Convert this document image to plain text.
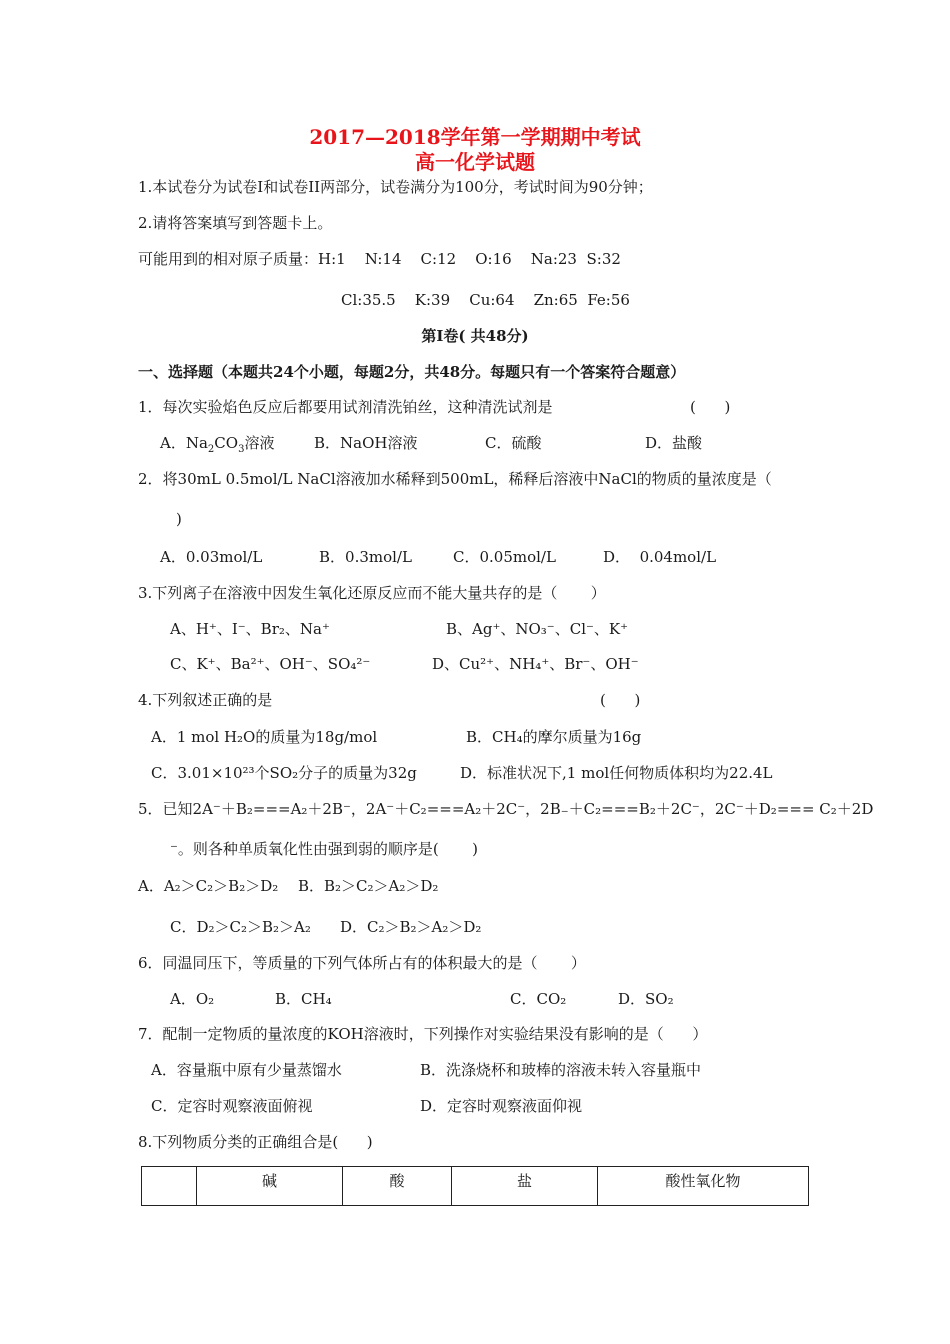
2017—2018学年第一学期期中考试
高一化学试题
1.本试卷分为试卷Ⅰ和试卷II两部分，试卷满分为100分，考试时间为90分钟；
2.请将答案填写到答题卡上。
可能用到的相对原子质量：H:1    N:14    C:12    O:16    Na:23  S:32
Cl:35.5    K:39    Cu:64    Zn:65  Fe:56
第Ⅰ卷( 共48分)
一、选择题（本题共24个小题，每题2分，共48分。每题只有一个答案符合题意）
1．每次实验焰色反应后都要用试剂清洗铂丝，这种清洗试剂是	(      )
A．$Na_2CO_3$溶液	B．NaOH溶液	C．硫酸	D．盐酸
2．将30mL 0.5mol/L NaCl溶液加水稀释到500mL，稀释后溶液中NaCl的物质的量浓度是（
)
A．0.03mol/L	B．0.3mol/L	C．0.05mol/L	D．  0.04mol/L
3.下列离子在溶液中因发生氧化还原反应而不能大量共存的是（       ）
A、H⁺、I⁻、Br₂、Na⁺	B、Ag⁺、NO₃⁻、Cl⁻、K⁺
C、K⁺、Ba²⁺、OH⁻、SO₄²⁻	D、Cu²⁺、NH₄⁺、Br⁻、OH⁻
4.下列叙述正确的是	(      )
A．1 mol H₂O的质量为18g/mol	B．CH₄的摩尔质量为16g
C．3.01×10²³个SO₂分子的质量为32g	D．标准状况下,1 mol任何物质体积均为22.4L
5．已知2A⁻＋B₂===A₂＋2B⁻，2A⁻＋C₂===A₂＋2C⁻，2B₋＋C₂===B₂＋2C⁻，2C⁻＋D₂=== C₂＋2D
⁻。则各种单质氧化性由强到弱的顺序是(       )
A．A₂＞C₂＞B₂＞D₂ B．B₂＞C₂＞A₂＞D₂
C．D₂＞C₂＞B₂＞A₂ D．C₂＞B₂＞A₂＞D₂
6．同温同压下，等质量的下列气体所占有的体积最大的是（       ）
A．O₂	B．CH₄	C．CO₂	D．SO₂
7．配制一定物质的量浓度的KOH溶液时，下列操作对实验结果没有影响的是（      ）
A．容量瓶中原有少量蒸馏水	B．洗涤烧杯和玻棒的溶液未转入容量瓶中
C．定容时观察液面俯视	D．定容时观察液面仰视
8.下列物质分类的正确组合是(      )
	碱	酸	盐	酸性氧化物
